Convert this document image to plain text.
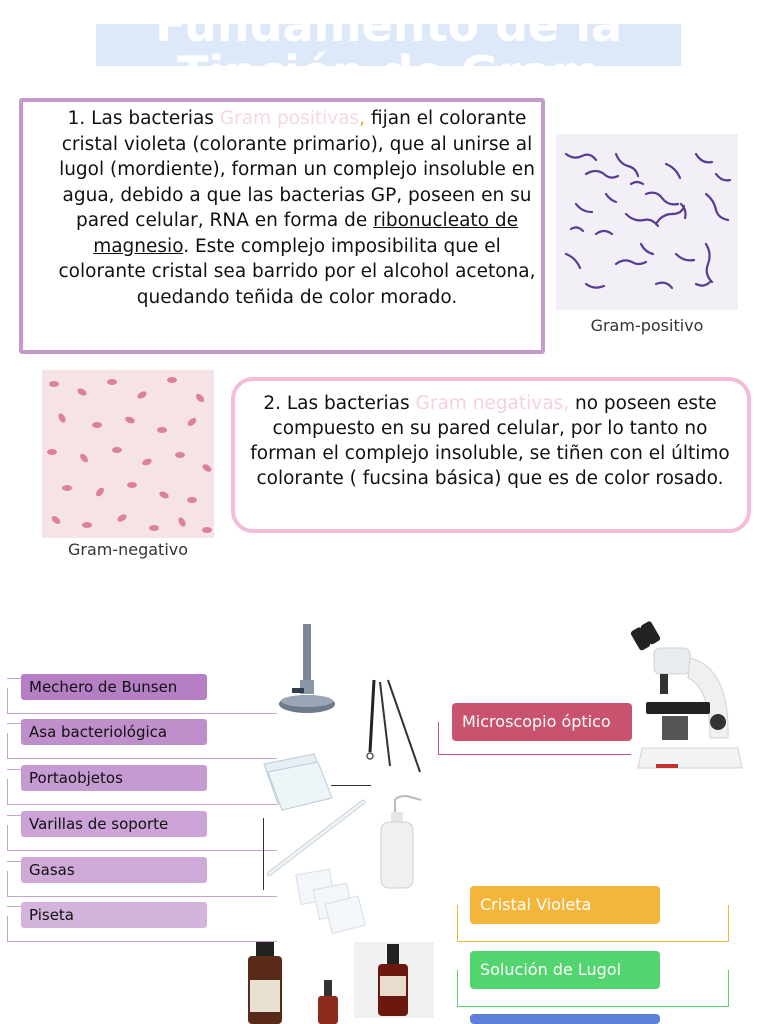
Fundamento de la
Tinción de Gram
1. Las bacterias Gram positivas, fijan el colorante cristal violeta (colorante primario), que al unirse al lugol (mordiente), forman un complejo insoluble en agua, debido a que las bacterias GP, poseen en su pared celular, RNA en forma de ribonucleato de magnesio. Este complejo imposibilita que el colorante cristal sea barrido por el alcohol acetona, quedando teñida de color morado.
Gram-positivo
Gram-negativo
2. Las bacterias Gram negativas, no poseen este compuesto en su pared celular, por lo tanto no forman el complejo insoluble, se tiñen con el último colorante ( fucsina básica) que es de color rosado.
Mechero de Bunsen
Asa bacteriológica
Portaobjetos
Varillas de soporte
Gasas
Piseta
Microscopio óptico
Cristal Violeta
Solución de Lugol
